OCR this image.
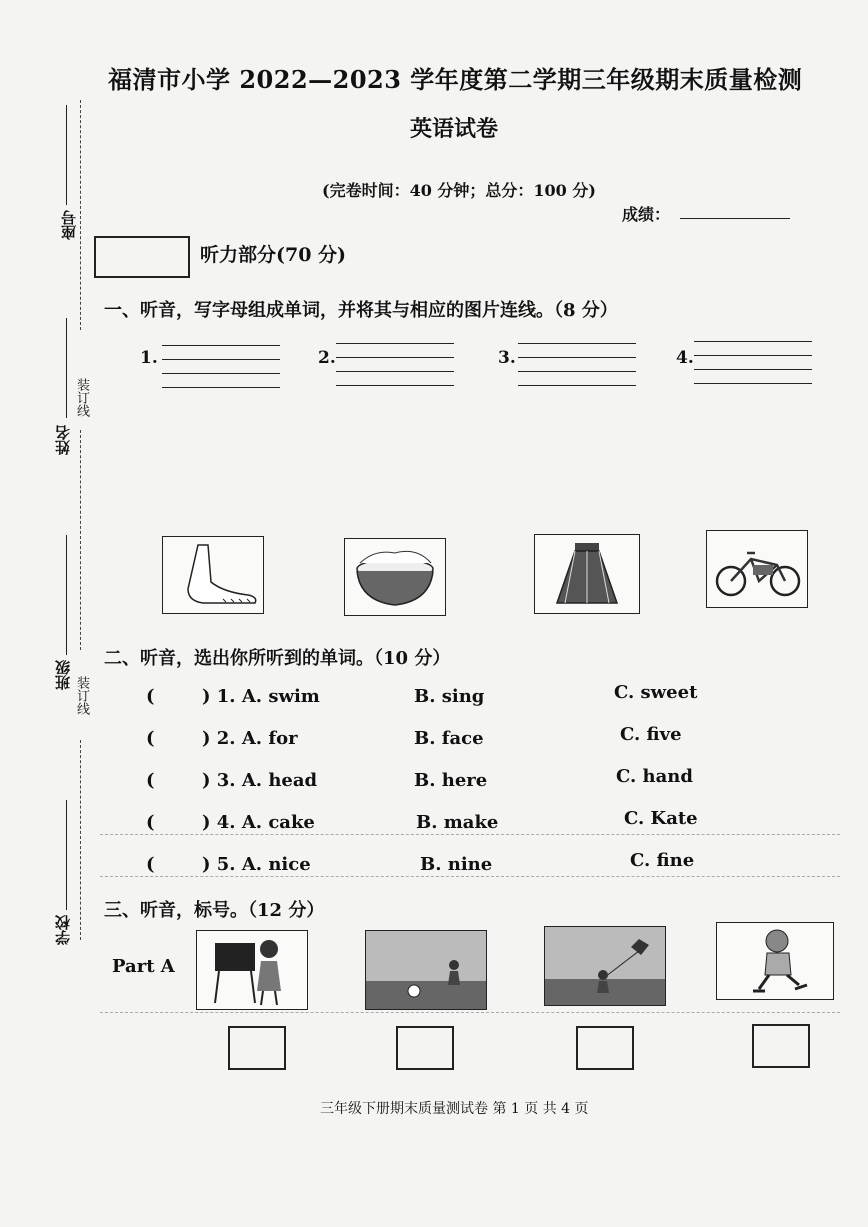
座号
装订线
姓名
班级
装订线
学校
福清市小学 2022—2023 学年度第二学期三年级期末质量检测
英语试卷
(完卷时间：40 分钟；总分：100 分)
成绩：
听力部分(70 分)
一、听音，写字母组成单词，并将其与相应的图片连线。（8 分）
1.	2.	3.	4.
二、听音，选出你所听到的单词。（10 分）
(	) 1. A. swim	B. sing	C. sweet
(	) 2. A. for	B. face	C. five
(	) 3. A. head	B. here	C. hand
(	) 4. A. cake	B. make	C. Kate
(	) 5. A. nice	B. nine	C. fine
三、听音，标号。（12 分）
Part A
三年级下册期末质量测试卷 第 1 页 共 4 页
